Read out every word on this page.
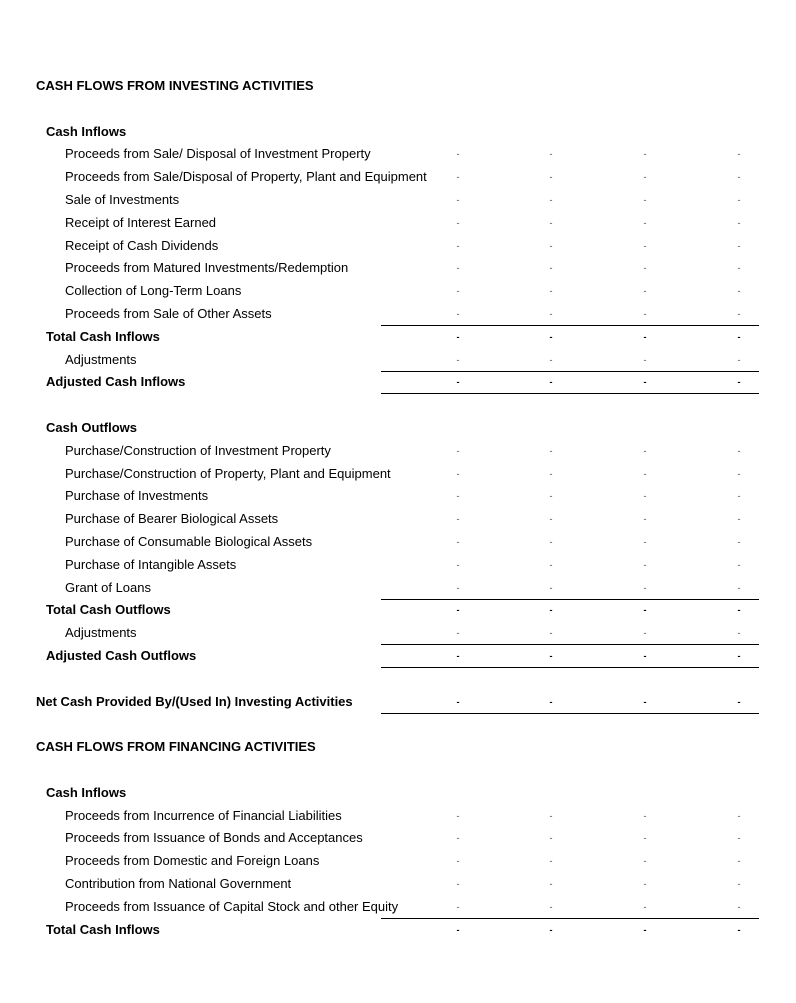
CASH FLOWS FROM INVESTING ACTIVITIES
Cash Inflows
Proceeds from Sale/ Disposal of Investment Property	-	-	-	-
Proceeds from Sale/Disposal of Property, Plant and Equipment	-	-	-	-
Sale of Investments	-	-	-	-
Receipt of Interest Earned	-	-	-	-
Receipt of Cash Dividends	-	-	-	-
Proceeds from Matured Investments/Redemption	-	-	-	-
Collection of Long-Term Loans	-	-	-	-
Proceeds from Sale of Other Assets	-	-	-	-
Total Cash Inflows	-	-	-	-
Adjustments	-	-	-	-
Adjusted Cash Inflows	-	-	-	-
Cash Outflows
Purchase/Construction of Investment Property	-	-	-	-
Purchase/Construction of Property, Plant and Equipment	-	-	-	-
Purchase of Investments	-	-	-	-
Purchase of Bearer Biological Assets	-	-	-	-
Purchase of Consumable Biological Assets	-	-	-	-
Purchase of Intangible Assets	-	-	-	-
Grant of Loans	-	-	-	-
Total Cash Outflows	-	-	-	-
Adjustments	-	-	-	-
Adjusted Cash Outflows	-	-	-	-
Net Cash Provided By/(Used In) Investing Activities	-	-	-	-
CASH FLOWS FROM FINANCING ACTIVITIES
Cash Inflows
Proceeds from Incurrence of Financial Liabilities	-	-	-	-
Proceeds from Issuance of Bonds and Acceptances	-	-	-	-
Proceeds from Domestic and Foreign Loans	-	-	-	-
Contribution from National Government	-	-	-	-
Proceeds from Issuance of Capital Stock and other Equity	-	-	-	-
Total Cash Inflows	-	-	-	-
